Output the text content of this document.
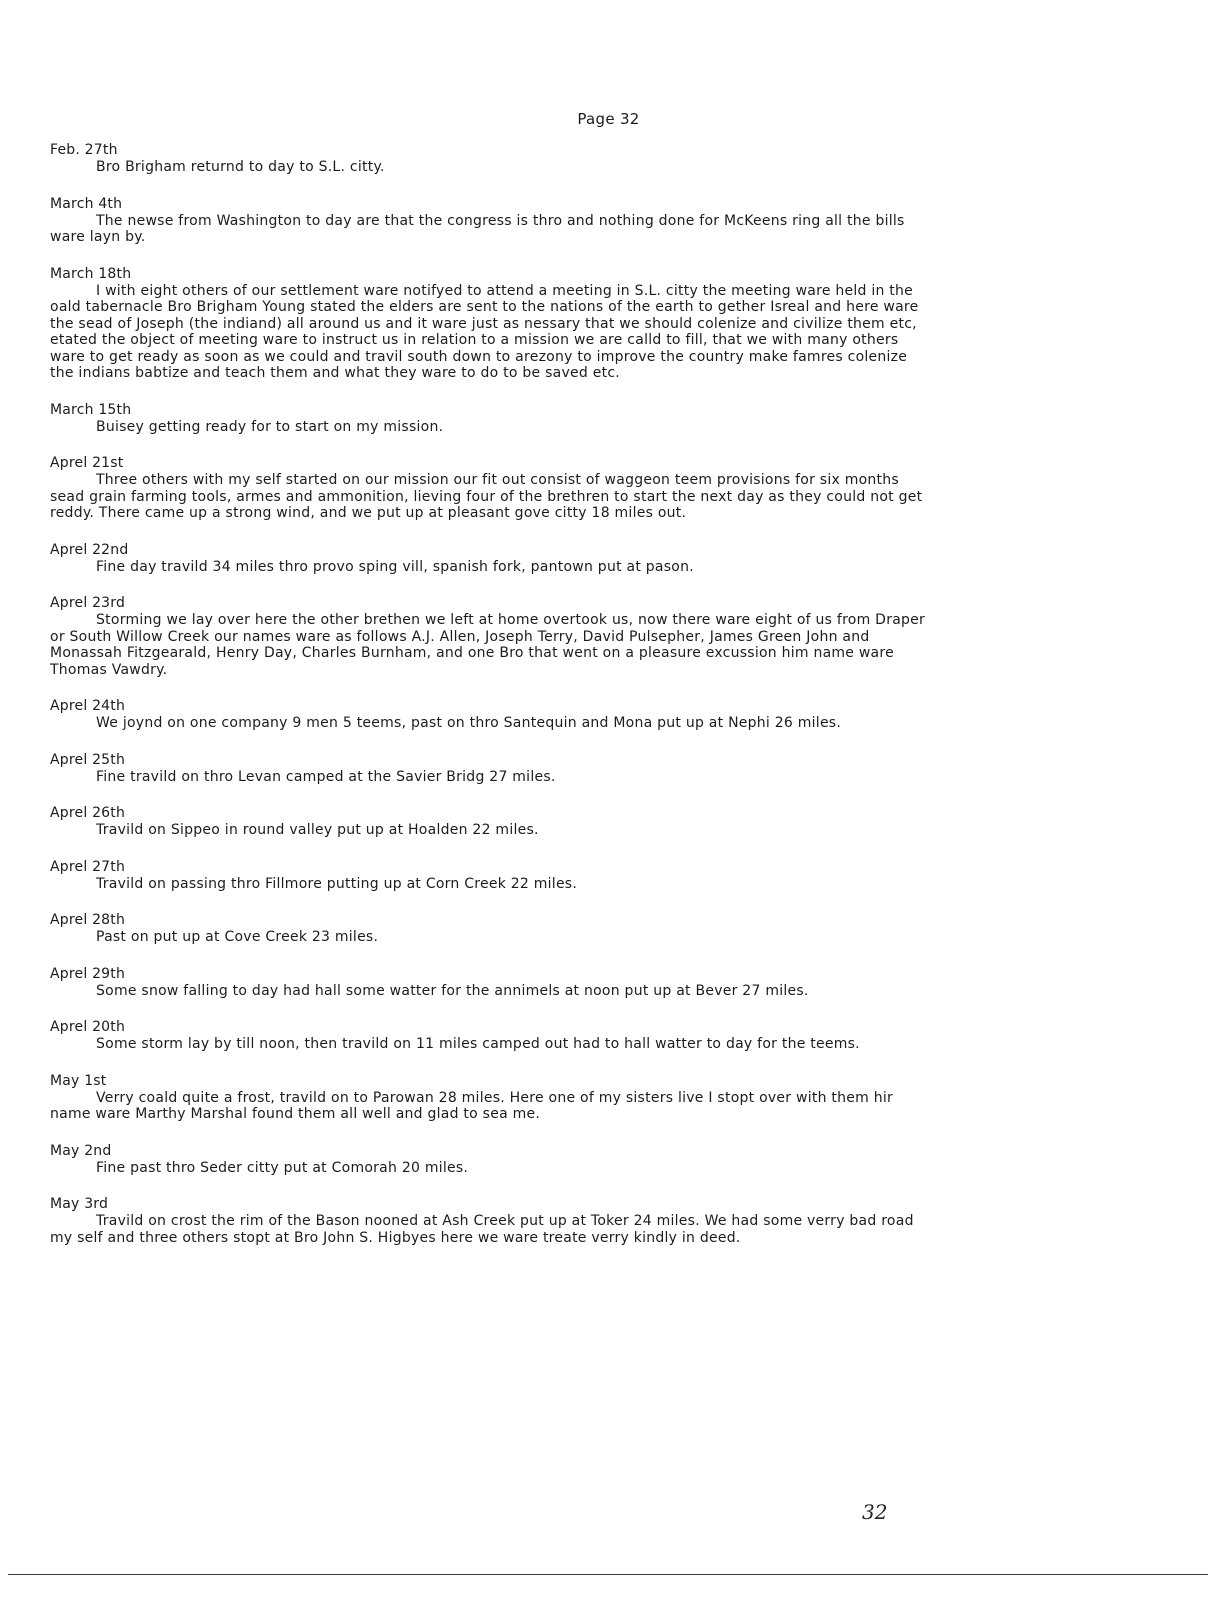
Page 32
Feb. 27th
Bro Brigham returnd to day to S.L. citty.
March 4th
The newse from Washington to day are that the congress is thro and nothing done for McKeens ring all the bills ware layn by.
March 18th
I with eight others of our settlement ware notifyed to attend a meeting in S.L. citty the meeting ware held in the oald tabernacle Bro Brigham Young stated the elders are sent to the nations of the earth to gether Isreal and here ware the sead of Joseph (the indiand) all around us and it ware just as nessary that we should colenize and civilize them etc, etated the object of meeting ware to instruct us in relation to a mission we are calld to fill, that we with many others ware to get ready as soon as we could and travil south down to arezony to improve the country make famres colenize the indians babtize and teach them and what they ware to do to be saved etc.
March 15th
Buisey getting ready for to start on my mission.
Aprel 21st
Three others with my self started on our mission our fit out consist of waggeon teem provisions for six months sead grain farming tools, armes and ammonition, lieving four of the brethren to start the next day as they could not get reddy. There came up a strong wind, and we put up at pleasant gove citty 18 miles out.
Aprel 22nd
Fine day travild 34 miles thro provo sping vill, spanish fork, pantown put at pason.
Aprel 23rd
Storming we lay over here the other brethen we left at home overtook us, now there ware eight of us from Draper or South Willow Creek our names ware as follows A.J. Allen, Joseph Terry, David Pulsepher, James Green John and Monassah Fitzgearald, Henry Day, Charles Burnham, and one Bro that went on a pleasure excussion him name ware Thomas Vawdry.
Aprel 24th
We joynd on one company 9 men 5 teems, past on thro Santequin and Mona put up at Nephi 26 miles.
Aprel 25th
Fine travild on thro Levan camped at the Savier Bridg 27 miles.
Aprel 26th
Travild on Sippeo in round valley put up at Hoalden 22 miles.
Aprel 27th
Travild on passing thro Fillmore putting up at Corn Creek 22 miles.
Aprel 28th
Past on put up at Cove Creek 23 miles.
Aprel 29th
Some snow falling to day had hall some watter for the annimels at noon put up at Bever 27 miles.
Aprel 20th
Some storm lay by till noon, then travild on 11 miles camped out had to hall watter to day for the teems.
May 1st
Verry coald quite a frost, travild on to Parowan 28 miles. Here one of my sisters live I stopt over with them hir name ware Marthy Marshal found them all well and glad to sea me.
May 2nd
Fine past thro Seder citty put at Comorah 20 miles.
May 3rd
Travild on crost the rim of the Bason nooned at Ash Creek put up at Toker 24 miles. We had some verry bad road my self and three others stopt at Bro John S. Higbyes here we ware treate verry kindly in deed.
32
